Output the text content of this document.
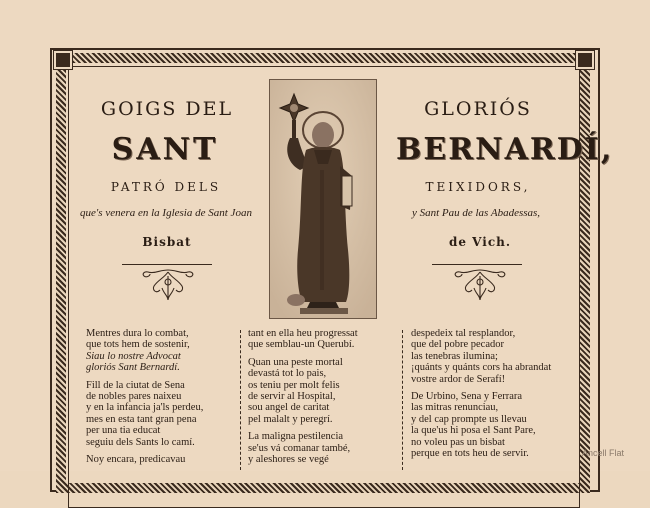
GOIGS DEL	GLORIÓS
SANT	BERNARDÍ,
PATRÓ DELS	TEIXIDORS,
que's venera en la Iglesia de Sant Joan	y Sant Pau de las Abadessas,
Bisbat	de Vich.

Mentres dura lo combat,
que tots hem de sostenir,
Siau lo nostre Advocat
gloriós Sant Bernardí.

Fill de la ciutat de Sena
de nobles pares naixeu
y en la infancia ja'ls perdeu,
mes en esta tant gran pena
per una tia educat
seguiu dels Sants lo camí.

Noy encara, predicavau

tant en ella heu progressat
que semblau-un Querubí.

Quan una peste mortal
devastá tot lo pais,
os teniu per molt felis
de servir al Hospital,
sou angel de caritat
pel malalt y peregrí.

La maligna pestilencia
se'us vá comanar també,
y aleshores se vegé

despedeix tal resplandor,
que del pobre pecador
las tenebras ilumina;
¡quánts y quánts cors ha abrandat
vostre ardor de Serafí!

De Urbino, Sena y Ferrara
las mitras renunciau,
y del cap prompte us llevau
la que'us hi posa el Sant Pare,
no voleu pas un bisbat
perque en tots heu de servir.	Ancell Flat
